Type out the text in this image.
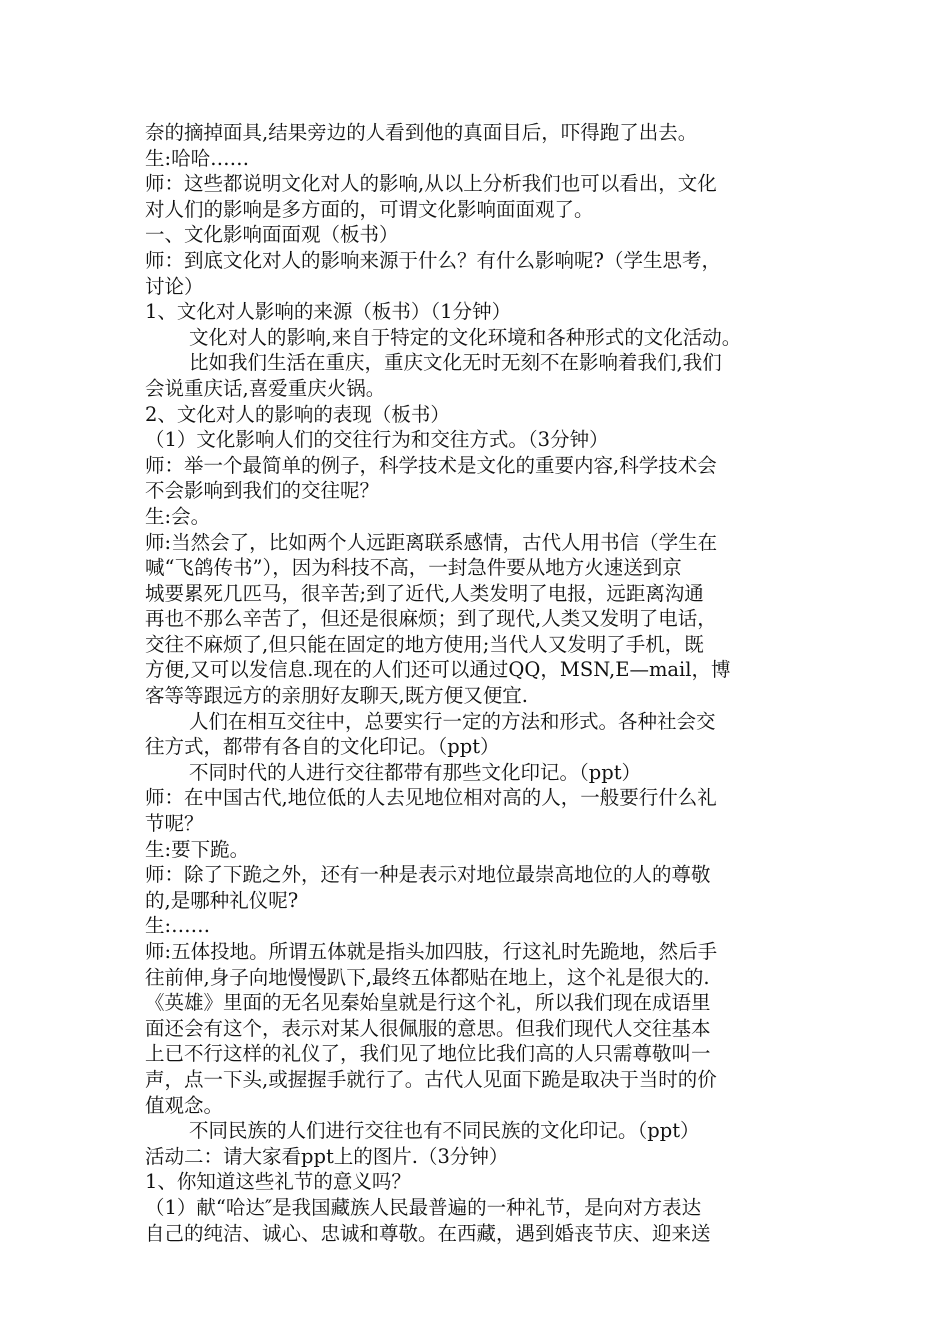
奈的摘掉面具,结果旁边的人看到他的真面目后，吓得跑了出去。
生:哈哈……
师：这些都说明文化对人的影响,从以上分析我们也可以看出，文化
对人们的影响是多方面的，可谓文化影响面面观了。
一、文化影响面面观（板书）
师：到底文化对人的影响来源于什么？有什么影响呢?（学生思考，
讨论）
1、文化对人影响的来源（板书）（1分钟）
文化对人的影响,来自于特定的文化环境和各种形式的文化活动。
比如我们生活在重庆，重庆文化无时无刻不在影响着我们,我们
会说重庆话,喜爱重庆火锅。
2、文化对人的影响的表现（板书）
（1）文化影响人们的交往行为和交往方式。（3分钟）
师：举一个最简单的例子，科学技术是文化的重要内容,科学技术会
不会影响到我们的交往呢？
生:会。
师:当然会了，比如两个人远距离联系感情，古代人用书信（学生在
喊“飞鸽传书”），因为科技不高，一封急件要从地方火速送到京
城要累死几匹马，很辛苦;到了近代,人类发明了电报，远距离沟通
再也不那么辛苦了，但还是很麻烦；到了现代,人类又发明了电话，
交往不麻烦了,但只能在固定的地方使用;当代人又发明了手机，既
方便,又可以发信息.现在的人们还可以通过QQ，MSN,E—mail，博
客等等跟远方的亲朋好友聊天,既方便又便宜.
人们在相互交往中，总要实行一定的方法和形式。各种社会交
往方式，都带有各自的文化印记。（ppt）
不同时代的人进行交往都带有那些文化印记。（ppt）
师：在中国古代,地位低的人去见地位相对高的人，一般要行什么礼
节呢？
生:要下跪。
师：除了下跪之外，还有一种是表示对地位最崇高地位的人的尊敬
的,是哪种礼仪呢?
生:……
师:五体投地。所谓五体就是指头加四肢，行这礼时先跪地，然后手
往前伸,身子向地慢慢趴下,最终五体都贴在地上，这个礼是很大的.
《英雄》里面的无名见秦始皇就是行这个礼，所以我们现在成语里
面还会有这个，表示对某人很佩服的意思。但我们现代人交往基本
上已不行这样的礼仪了，我们见了地位比我们高的人只需尊敬叫一
声，点一下头,或握握手就行了。古代人见面下跪是取决于当时的价
值观念。
不同民族的人们进行交往也有不同民族的文化印记。（ppt）
活动二：请大家看ppt上的图片.（3分钟）
1、你知道这些礼节的意义吗？
（1）献“哈达″是我国藏族人民最普遍的一种礼节，是向对方表达
自己的纯洁、诚心、忠诚和尊敬。在西藏，遇到婚丧节庆、迎来送
